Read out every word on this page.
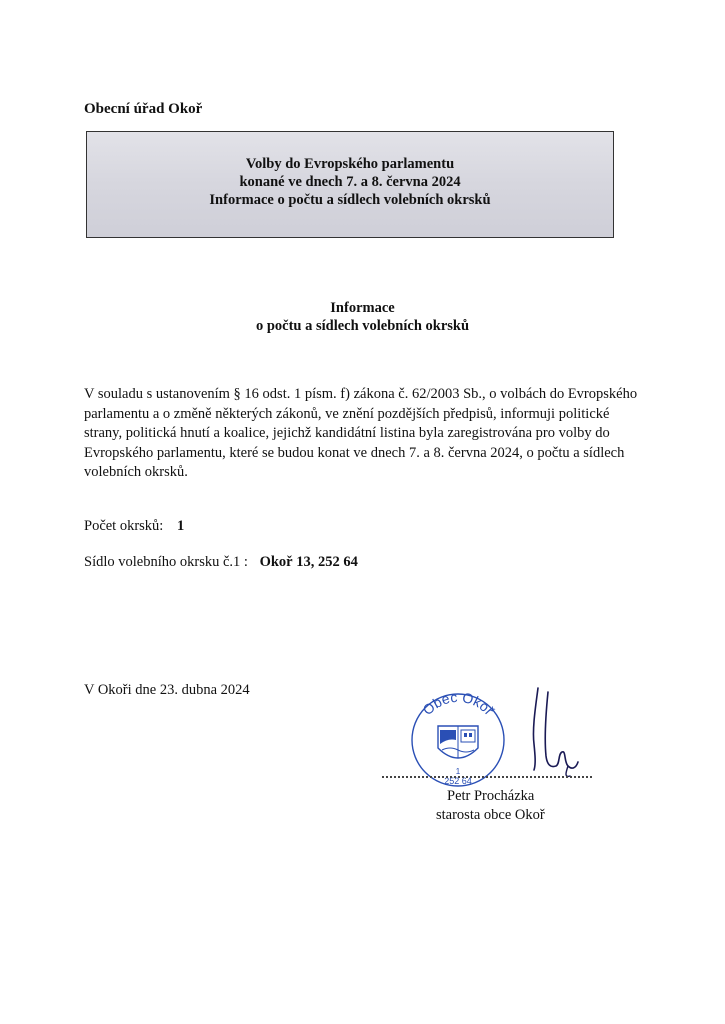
Obecní úřad Okoř
Volby do Evropského parlamentu
konané ve dnech 7. a 8. června 2024
Informace o počtu a sídlech volebních okrsků
Informace
o počtu a sídlech volebních okrsků
V souladu s ustanovením § 16 odst. 1 písm. f) zákona č. 62/2003 Sb., o volbách do Evropského parlamentu a o změně některých zákonů, ve znění pozdějších předpisů, informuji politické strany, politická hnutí a koalice, jejichž kandidátní listina byla zaregistrována pro volby do Evropského parlamentu, které se budou konat ve dnech 7. a 8. června 2024, o počtu a sídlech volebních okrsků.
Počet okrsků: 1
Sídlo volebního okrsku č.1 : Okoř 13, 252 64
V Okoři dne 23. dubna 2024
Obec Okoř
1
252 64
Petr Procházka
starosta obce Okoř
